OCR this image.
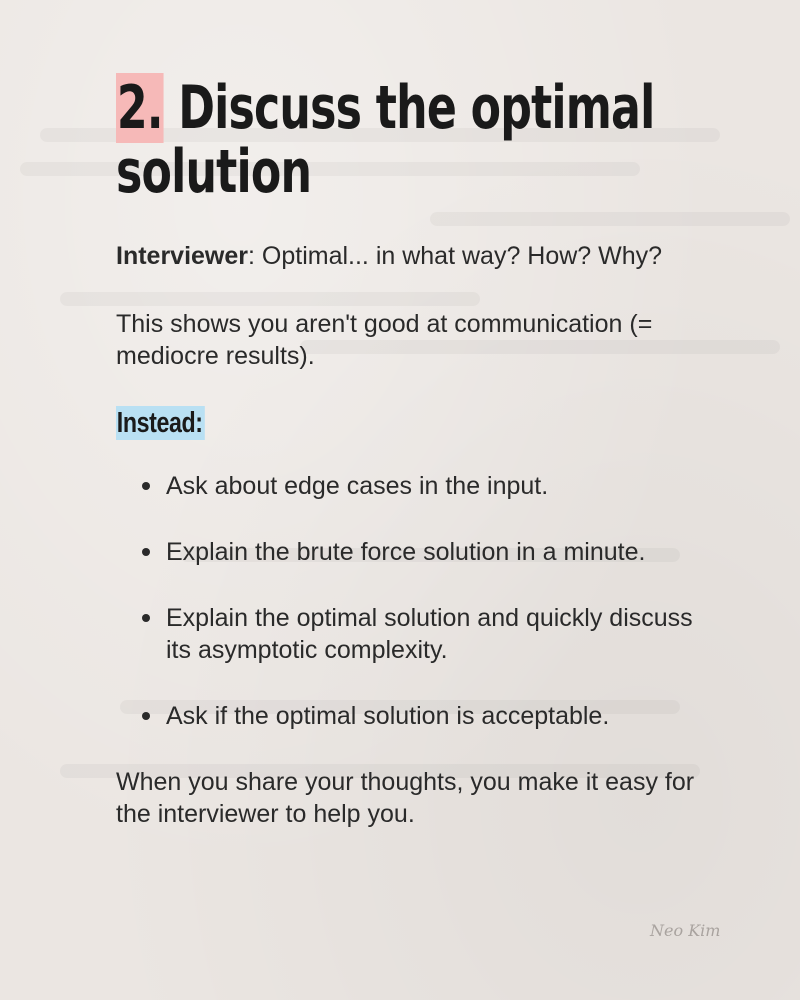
2. Discuss the optimal solution

Interviewer: Optimal... in what way? How? Why?

This shows you aren't good at communication (= mediocre results).

Instead:
Ask about edge cases in the input.
Explain the brute force solution in a minute.
Explain the optimal solution and quickly discuss its asymptotic complexity.
Ask if the optimal solution is acceptable.

When you share your thoughts, you make it easy for the interviewer to help you.

Neo Kim
